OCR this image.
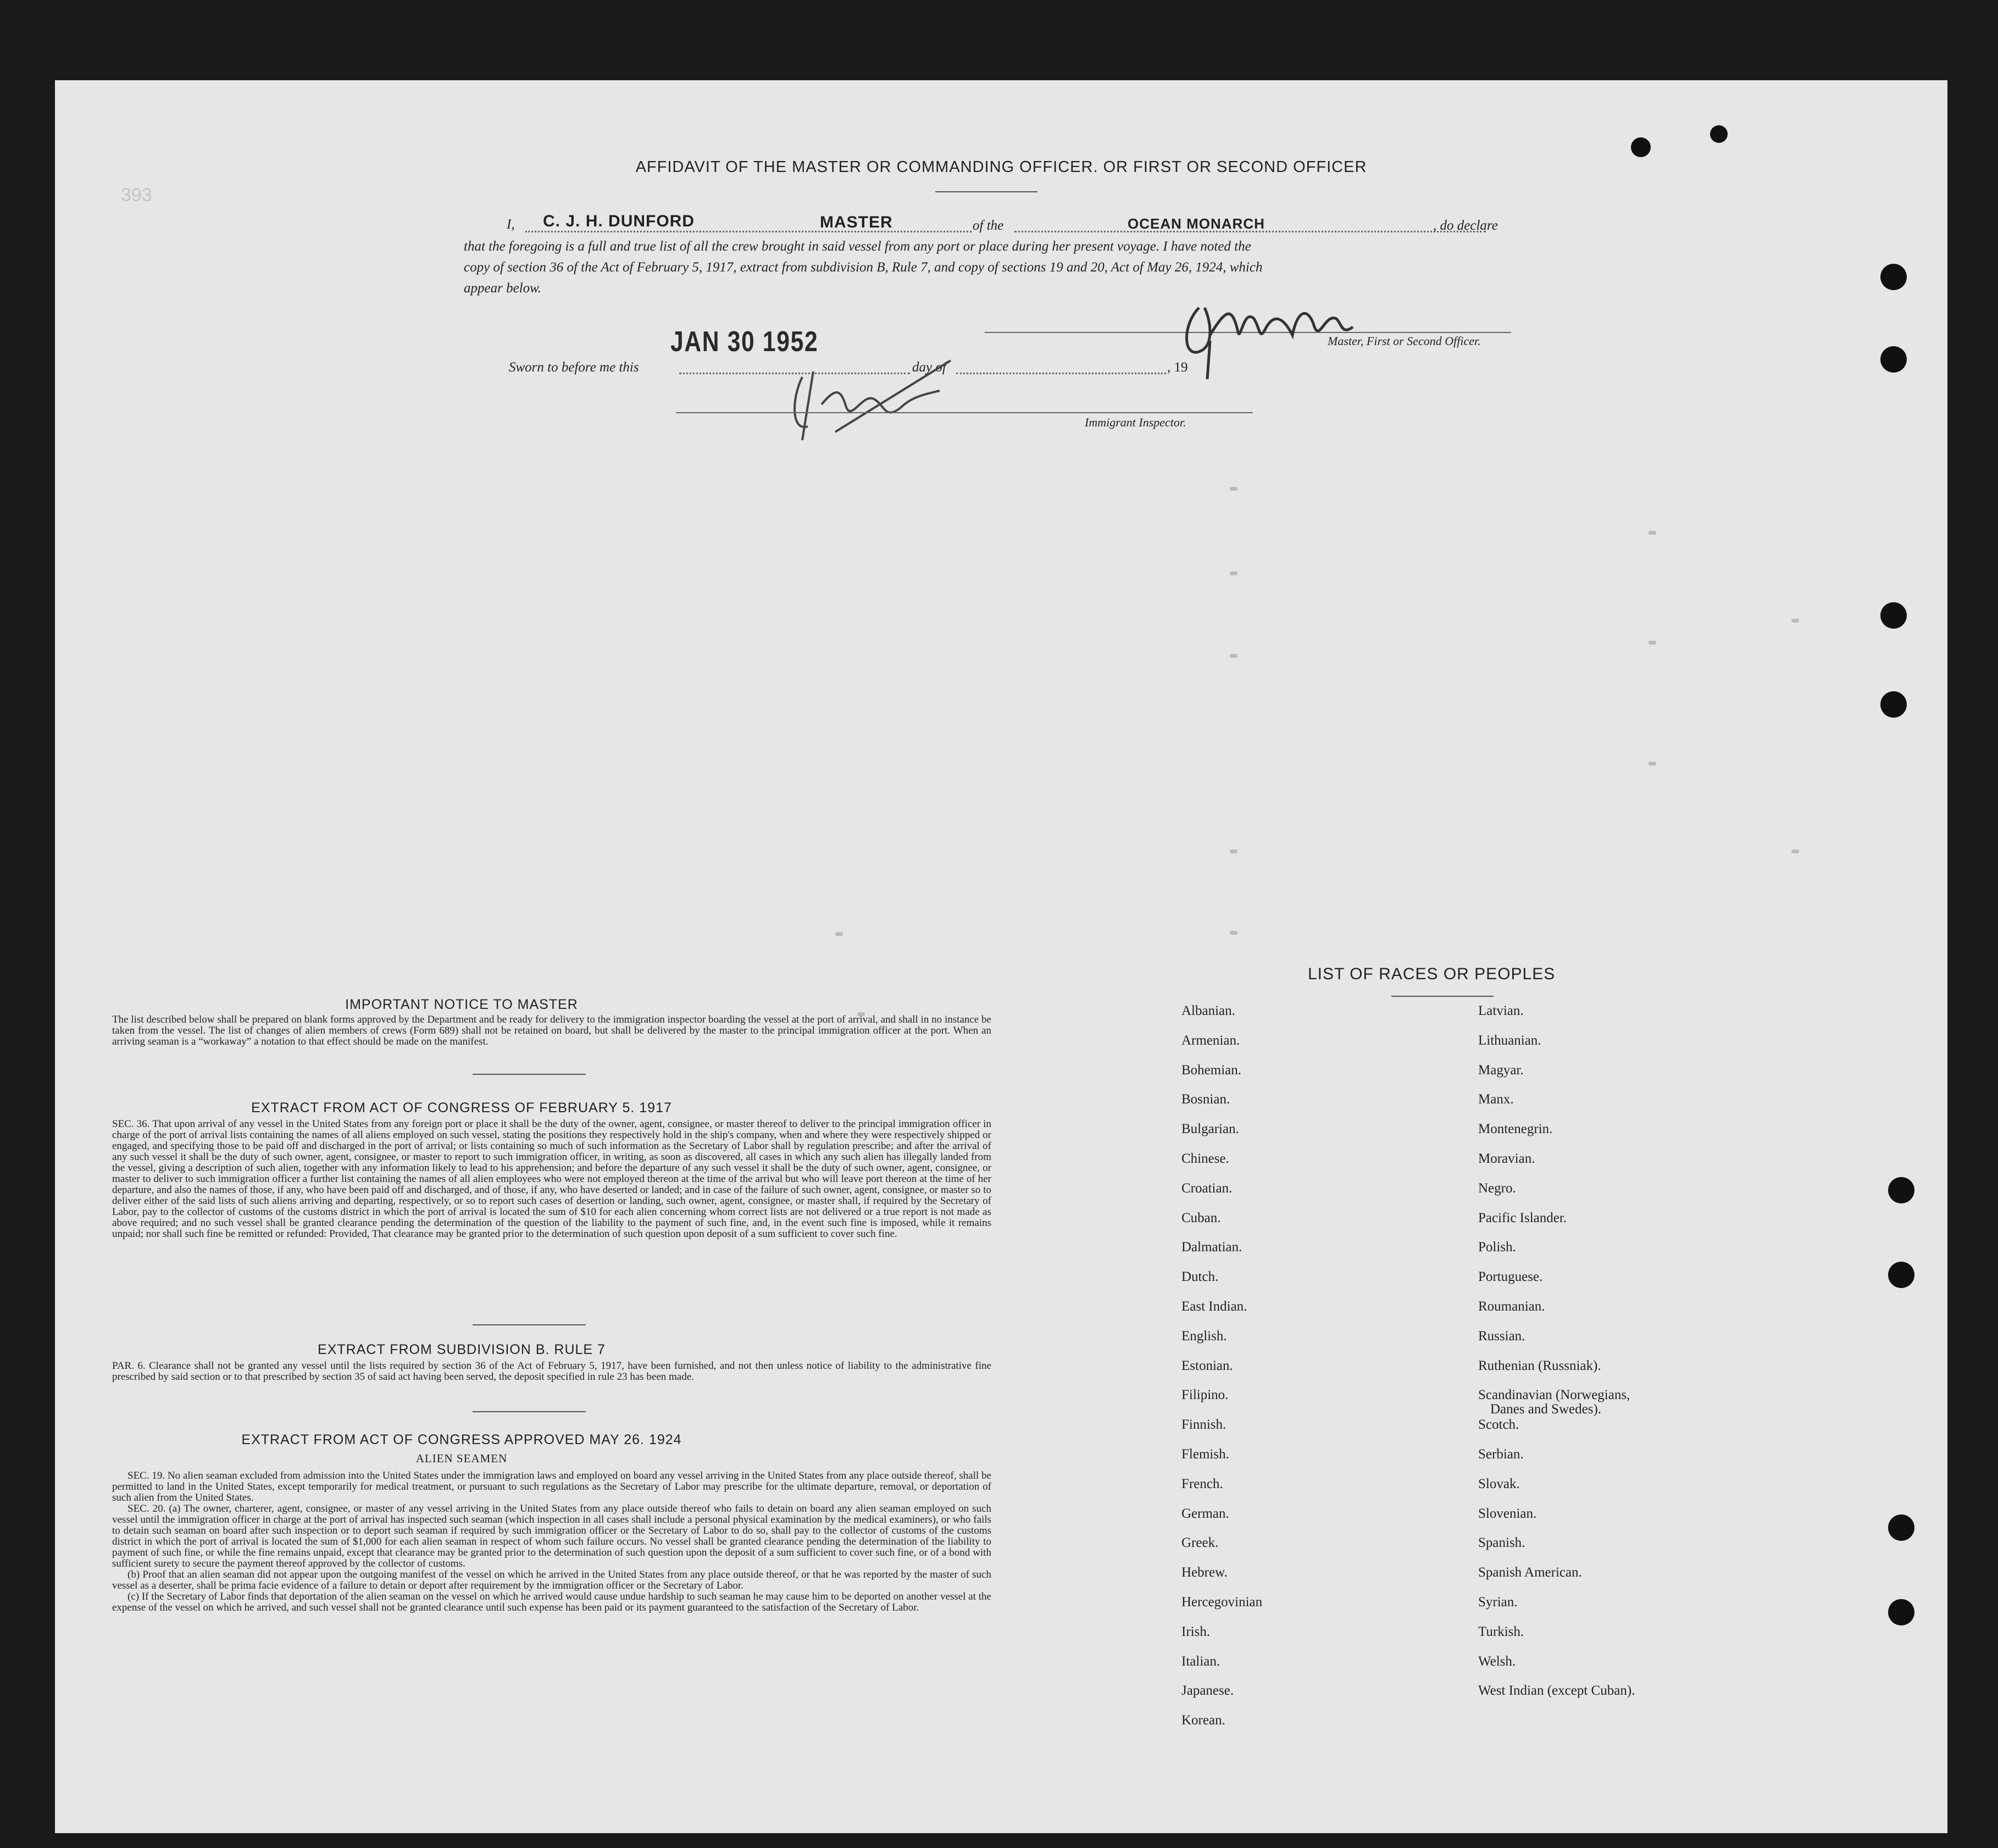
393
AFFIDAVIT OF THE MASTER OR COMMANDING OFFICER. OR FIRST OR SECOND OFFICER
I, C. J. H. DUNFORD	MASTER	of the	OCEAN MONARCH	, do declare
that the foregoing is a full and true list of all the crew brought in said vessel from any port or place during her present voyage. I have noted the
copy of section 36 of the Act of February 5, 1917, extract from subdivision B, Rule 7, and copy of sections 19 and 20, Act of May 26, 1924, which
appear below.
Master, First or Second Officer.
JAN 30 1952
Sworn to before me this	day of	, 19
Immigrant Inspector.
IMPORTANT NOTICE TO MASTER
The list described below shall be prepared on blank forms approved by the Department and be ready for delivery to the immigration inspector boarding the vessel at the port of arrival, and shall in no instance be taken from the vessel. The list of changes of alien members of crews (Form 689) shall not be retained on board, but shall be delivered by the master to the principal immigration officer at the port. When an arriving seaman is a “workaway” a notation to that effect should be made on the manifest.
EXTRACT FROM ACT OF CONGRESS OF FEBRUARY 5. 1917
SEC. 36. That upon arrival of any vessel in the United States from any foreign port or place it shall be the duty of the owner, agent, consignee, or master thereof to deliver to the principal immigration officer in charge of the port of arrival lists containing the names of all aliens employed on such vessel, stating the positions they respectively hold in the ship's company, when and where they were respectively shipped or engaged, and specifying those to be paid off and discharged in the port of arrival; or lists containing so much of such information as the Secretary of Labor shall by regulation prescribe; and after the arrival of any such vessel it shall be the duty of such owner, agent, consignee, or master to report to such immigration officer, in writing, as soon as discovered, all cases in which any such alien has illegally landed from the vessel, giving a description of such alien, together with any information likely to lead to his apprehension; and before the departure of any such vessel it shall be the duty of such owner, agent, consignee, or master to deliver to such immigration officer a further list containing the names of all alien employees who were not employed thereon at the time of the arrival but who will leave port thereon at the time of her departure, and also the names of those, if any, who have been paid off and discharged, and of those, if any, who have deserted or landed; and in case of the failure of such owner, agent, consignee, or master so to deliver either of the said lists of such aliens arriving and departing, respectively, or so to report such cases of desertion or landing, such owner, agent, consignee, or master shall, if required by the Secretary of Labor, pay to the collector of customs of the customs district in which the port of arrival is located the sum of $10 for each alien concerning whom correct lists are not delivered or a true report is not made as above required; and no such vessel shall be granted clearance pending the determination of the question of the liability to the payment of such fine, and, in the event such fine is imposed, while it remains unpaid; nor shall such fine be remitted or refunded: Provided, That clearance may be granted prior to the determination of such question upon deposit of a sum sufficient to cover such fine.
EXTRACT FROM SUBDIVISION B. RULE 7
PAR. 6. Clearance shall not be granted any vessel until the lists required by section 36 of the Act of February 5, 1917, have been furnished, and not then unless notice of liability to the administrative fine prescribed by said section or to that prescribed by section 35 of said act having been served, the deposit specified in rule 23 has been made.
EXTRACT FROM ACT OF CONGRESS APPROVED MAY 26. 1924
ALIEN SEAMEN
SEC. 19. No alien seaman excluded from admission into the United States under the immigration laws and employed on board any vessel arriving in the United States from any place outside thereof, shall be permitted to land in the United States, except temporarily for medical treatment, or pursuant to such regulations as the Secretary of Labor may prescribe for the ultimate departure, removal, or deportation of such alien from the United States.
SEC. 20. (a) The owner, charterer, agent, consignee, or master of any vessel arriving in the United States from any place outside thereof who fails to detain on board any alien seaman employed on such vessel until the immigration officer in charge at the port of arrival has inspected such seaman (which inspection in all cases shall include a personal physical examination by the medical examiners), or who fails to detain such seaman on board after such inspection or to deport such seaman if required by such immigration officer or the Secretary of Labor to do so, shall pay to the collector of customs of the customs district in which the port of arrival is located the sum of $1,000 for each alien seaman in respect of whom such failure occurs. No vessel shall be granted clearance pending the determination of the liability to payment of such fine, or while the fine remains unpaid, except that clearance may be granted prior to the determination of such question upon the deposit of a sum sufficient to cover such fine, or of a bond with sufficient surety to secure the payment thereof approved by the collector of customs.
(b) Proof that an alien seaman did not appear upon the outgoing manifest of the vessel on which he arrived in the United States from any place outside thereof, or that he was reported by the master of such vessel as a deserter, shall be prima facie evidence of a failure to detain or deport after requirement by the immigration officer or the Secretary of Labor.
(c) If the Secretary of Labor finds that deportation of the alien seaman on the vessel on which he arrived would cause undue hardship to such seaman he may cause him to be deported on another vessel at the expense of the vessel on which he arrived, and such vessel shall not be granted clearance until such expense has been paid or its payment guaranteed to the satisfaction of the Secretary of Labor.
LIST OF RACES OR PEOPLES
Albanian.
Armenian.
Bohemian.
Bosnian.
Bulgarian.
Chinese.
Croatian.
Cuban.
Dalmatian.
Dutch.
East Indian.
English.
Estonian.
Filipino.
Finnish.
Flemish.
French.
German.
Greek.
Hebrew.
Hercegovinian
Irish.
Italian.
Japanese.
Korean.
Latvian.
Lithuanian.
Magyar.
Manx.
Montenegrin.
Moravian.
Negro.
Pacific Islander.
Polish.
Portuguese.
Roumanian.
Russian.
Ruthenian (Russniak).
Scandinavian (Norwegians,
Danes and Swedes).
Scotch.
Serbian.
Slovak.
Slovenian.
Spanish.
Spanish American.
Syrian.
Turkish.
Welsh.
West Indian (except Cuban).
